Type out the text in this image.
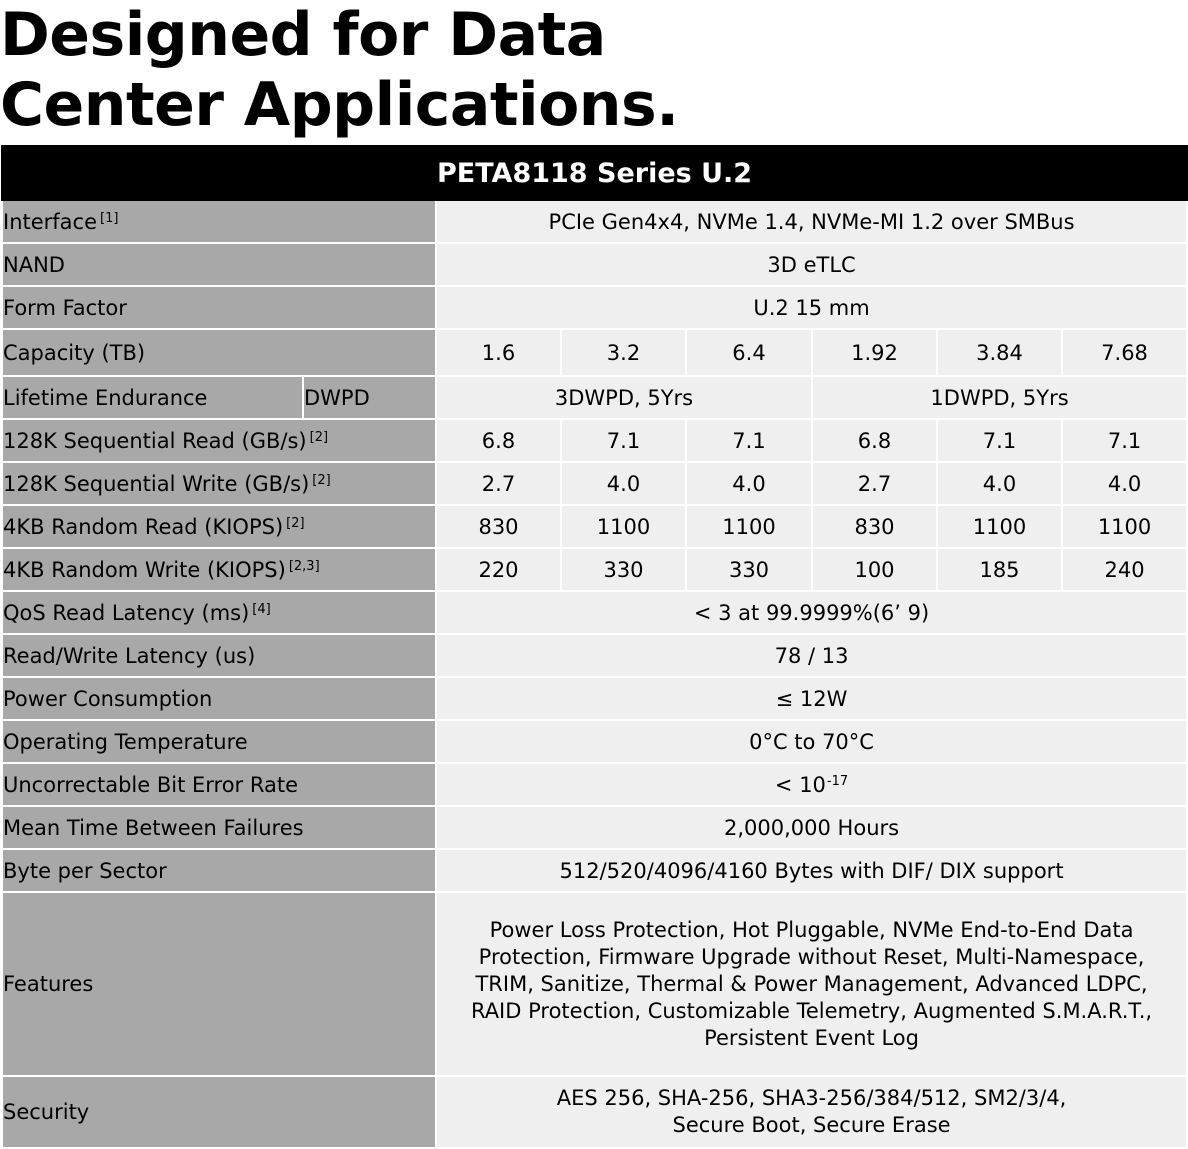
Designed for Data
Center Applications.
PETA8118 Series U.2							
Interface [1]		PCIe Gen4x4, NVMe 1.4, NVMe-MI 1.2 over SMBus					
NAND		3D eTLC					
Form Factor		U.2 15 mm					
Capacity (TB)		1.6	3.2	6.4	1.92	3.84	7.68
Lifetime Endurance	DWPD	3DWPD, 5Yrs			1DWPD, 5Yrs		
128K Sequential Read (GB/s) [2]		6.8	7.1	7.1	6.8	7.1	7.1
128K Sequential Write (GB/s) [2]		2.7	4.0	4.0	2.7	4.0	4.0
4KB Random Read (KIOPS) [2]		830	1100	1100	830	1100	1100
4KB Random Write (KIOPS) [2,3]		220	330	330	100	185	240
QoS Read Latency (ms) [4]		< 3 at 99.9999%(6’ 9)					
Read/Write Latency (us)		78 / 13					
Power Consumption		≤ 12W					
Operating Temperature		0°C to 70°C					
Uncorrectable Bit Error Rate		< $10^{-17}$
Mean Time Between Failures		2,000,000 Hours					
Byte per Sector		512/520/4096/4160 Bytes with DIF/ DIX support					
Features		Power Loss Protection, Hot Pluggable, NVMe End-to-End Data
Protection, Firmware Upgrade without Reset, Multi-Namespace,
TRIM, Sanitize, Thermal & Power Management, Advanced LDPC,
RAID Protection, Customizable Telemetry, Augmented S.M.A.R.T.,
Persistent Event Log					

Security		AES 256, SHA-256, SHA3-256/384/512, SM2/3/4,
Secure Boot, Secure Erase					
